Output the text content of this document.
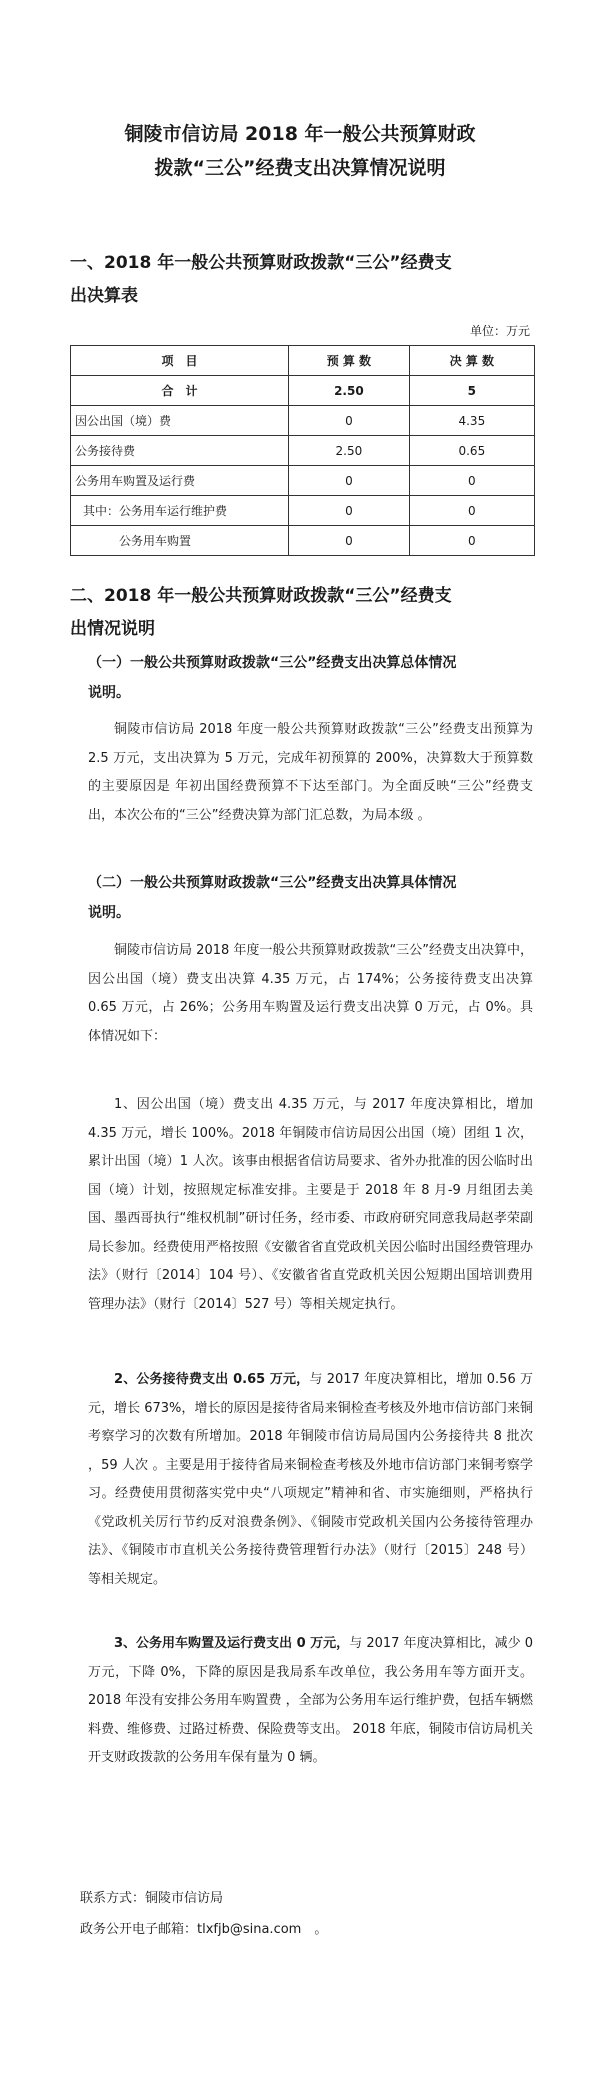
铜陵市信访局 2018 年一般公共预算财政
拨款“三公”经费支出决算情况说明
一、2018 年一般公共预算财政拨款“三公”经费支
出决算表
单位：万元
项　目	预 算 数	决 算 数
合　计	2.50	5
因公出国（境）费	0	4.35
公务接待费	2.50	0.65
公务用车购置及运行费	0	0
其中：公务用车运行维护费	0	0
公务用车购置	0	0
二、2018 年一般公共预算财政拨款“三公”经费支
出情况说明
（一）一般公共预算财政拨款“三公”经费支出决算总体情况
说明。

铜陵市信访局 2018 年度一般公共预算财政拨款“三公”经费支出预算为 2.5 万元，支出决算为 5 万元，完成年初预算的 200%，决算数大于预算数的主要原因是 年初出国经费预算不下达至部门。为全面反映“三公”经费支出，本次公布的“三公”经费决算为部门汇总数，为局本级 。

（二）一般公共预算财政拨款“三公”经费支出决算具体情况
说明。

铜陵市信访局 2018 年度一般公共预算财政拨款“三公”经费支出决算中，因公出国（境）费支出决算 4.35 万元，占 174%；公务接待费支出决算 0.65 万元，占 26%；公务用车购置及运行费支出决算 0 万元，占 0%。具体情况如下：

1、因公出国（境）费支出 4.35 万元，与 2017 年度决算相比，增加 4.35 万元，增长 100%。2018 年铜陵市信访局因公出国（境）团组 1 次，累计出国（境）1 人次。该事由根据省信访局要求、省外办批准的因公临时出国（境）计划，按照规定标准安排。主要是于 2018 年 8 月-9 月组团去美国、墨西哥执行“维权机制”研讨任务，经市委、市政府研究同意我局赵孝荣副局长参加。经费使用严格按照《安徽省省直党政机关因公临时出国经费管理办法》（财行〔2014〕104 号）、《安徽省省直党政机关因公短期出国培训费用管理办法》（财行〔2014〕527 号）等相关规定执行。

2、公务接待费支出 0.65 万元，与 2017 年度决算相比，增加 0.56 万元，增长 673%，增长的原因是接待省局来铜检查考核及外地市信访部门来铜考察学习的次数有所增加。2018 年铜陵市信访局局国内公务接待共 8 批次 ，59 人次 。主要是用于接待省局来铜检查考核及外地市信访部门来铜考察学习。经费使用贯彻落实党中央“八项规定”精神和省、市实施细则，严格执行《党政机关厉行节约反对浪费条例》、《铜陵市党政机关国内公务接待管理办法》、《铜陵市市直机关公务接待费管理暂行办法》（财行〔2015〕248 号）等相关规定。

3、公务用车购置及运行费支出 0 万元，与 2017 年度决算相比，减少 0 万元，下降 0%，下降的原因是我局系车改单位，我公务用车等方面开支。2018 年没有安排公务用车购置费 ，全部为公务用车运行维护费，包括车辆燃料费、维修费、过路过桥费、保险费等支出。 2018 年底，铜陵市信访局机关开支财政拨款的公务用车保有量为 0 辆。

联系方式：铜陵市信访局
政务公开电子邮箱：tlxfjb@sina.com　。
